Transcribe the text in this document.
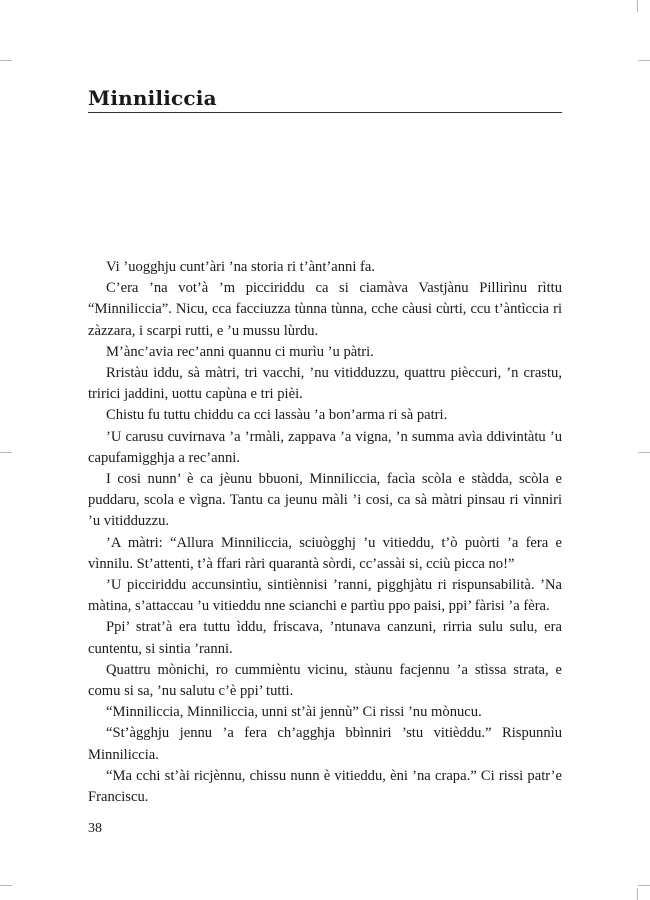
Minniliccia

Vi ’uogghju cunt’àri ’na storia ri t’ànt’anni fa.

C’era ’na vot’à ’m picciriddu ca si ciamàva Vastjànu Pillirìnu rìttu “Minniliccia”. Nicu, cca facciuzza tùnna tùnna, cche càusi cùrti, ccu t’àntìccia ri zàzzara, i scarpi rutti, e ’u mussu lùrdu.

M’ànc’avia rec’anni quannu ci murìu ’u pàtri.

Rristàu iddu, sà màtri, tri vacchi, ’nu vitidduzzu, quattru pièccuri, ’n crastu, tririci jaddini, uottu capùna e tri pièi.

Chistu fu tuttu chiddu ca cci lassàu ’a bon’arma ri sà patri.

’U carusu cuvirnava ’a ’rmàli, zappava ’a vigna, ’n summa avìa ddivintàtu ’u capufamigghja a rec’anni.

I cosi nunn’ è ca jèunu bbuoni, Minniliccia, facìa scòla e stàdda, scòla e puddaru, scola e vìgna. Tantu ca jeunu màli ’i cosi, ca sà màtri pinsau ri vìnniri ’u vitidduzzu.

’A màtri: “Allura Minniliccia, sciuògghj ’u vitieddu, t’ò puòrti ’a fera e vìnnilu. St’attenti, t’à ffari ràri quarantà sòrdi, cc’assài si, cciù picca no!”

’U picciriddu accunsintìu, sintiènnisi ’ranni, pigghjàtu ri rispunsabilità. ’Na màtina, s’attaccau ’u vitieddu nne scianchi e partìu ppo paisi, ppi’ fàrisi ’a fèra.

Ppi’ strat’à era tuttu ìddu, friscava, ’ntunava canzuni, rirria sulu sulu, era cuntentu, si sintia ’ranni.

Quattru mònichi, ro cummièntu vicinu, stàunu facjennu ’a stìssa strata, e comu si sa, ’nu salutu c’è ppi’ tutti.

“Minniliccia, Minniliccia, unni st’ài jennù” Ci rissi ’nu mònucu.

“St’àgghju jennu ’a fera ch’agghja bbìnniri ’stu vitièddu.” Rispunnìu Minniliccia.

“Ma cchi st’ài ricjènnu, chissu nunn è vitieddu, èni ’na crapa.” Ci rissi patr’e Franciscu.

38
